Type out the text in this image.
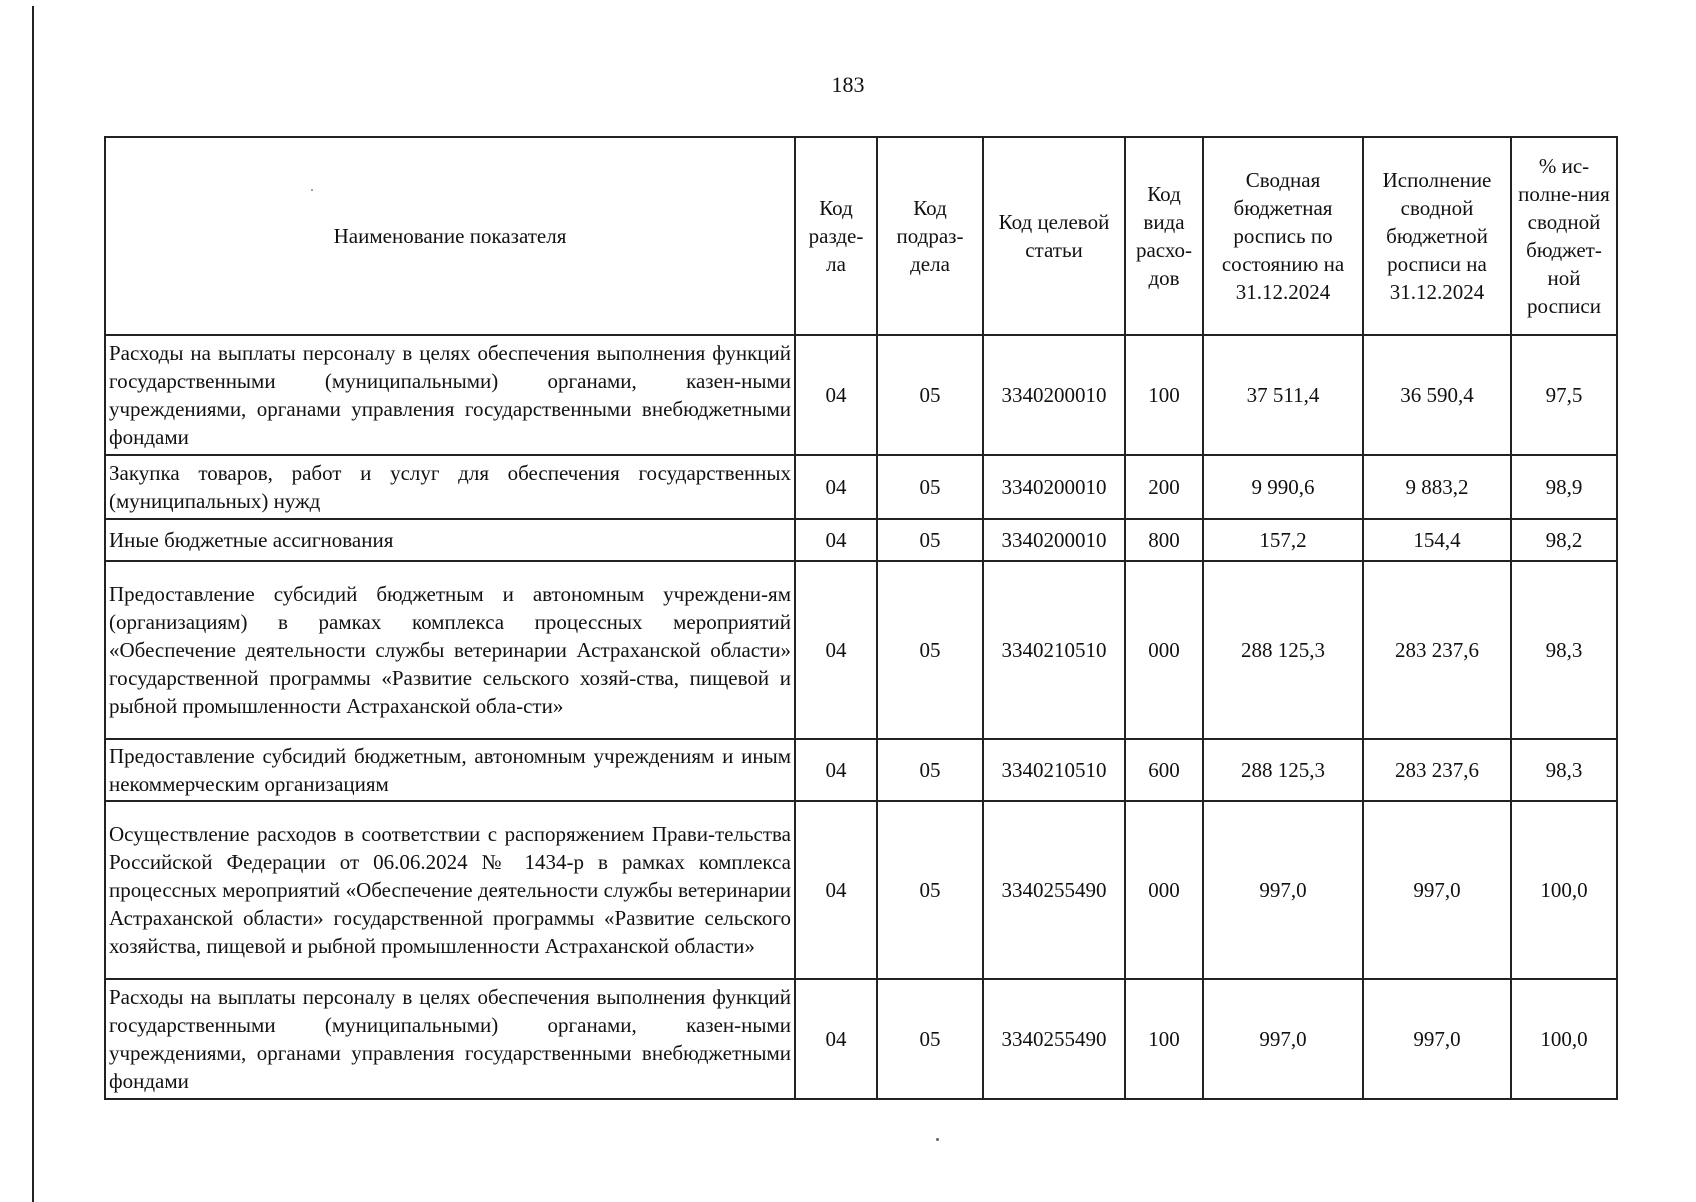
183
Наименование показателя	Код разде-ла	Код подраз-дела	Код целевой статьи	Код вида расхо-дов	Сводная бюджетная роспись по состоянию на 31.12.2024	Исполнение сводной бюджетной росписи на 31.12.2024	% ис-полне-ния сводной бюджет-ной росписи
Расходы на выплаты персоналу в целях обеспечения выполнения функций государственными (муниципальными) органами, казен-ными учреждениями, органами управления государственными внебюджетными фондами	04	05	3340200010	100	37 511,4	36 590,4	97,5
Закупка товаров, работ и услуг для обеспечения государственных (муниципальных) нужд	04	05	3340200010	200	9 990,6	9 883,2	98,9
Иные бюджетные ассигнования	04	05	3340200010	800	157,2	154,4	98,2
Предоставление субсидий бюджетным и автономным учреждени-ям (организациям) в рамках комплекса процессных мероприятий «Обеспечение деятельности службы ветеринарии Астраханской области» государственной программы «Развитие сельского хозяй-ства, пищевой и рыбной промышленности Астраханской обла-сти»	04	05	3340210510	000	288 125,3	283 237,6	98,3
Предоставление субсидий бюджетным, автономным учреждениям и иным некоммерческим организациям	04	05	3340210510	600	288 125,3	283 237,6	98,3
Осуществление расходов в соответствии с распоряжением Прави-тельства Российской Федерации от 06.06.2024 № 1434-р в рамках комплекса процессных мероприятий «Обеспечение деятельности службы ветеринарии Астраханской области» государственной программы «Развитие сельского хозяйства, пищевой и рыбной промышленности Астраханской области»	04	05	3340255490	000	997,0	997,0	100,0
Расходы на выплаты персоналу в целях обеспечения выполнения функций государственными (муниципальными) органами, казен-ными учреждениями, органами управления государственными внебюджетными фондами	04	05	3340255490	100	997,0	997,0	100,0
